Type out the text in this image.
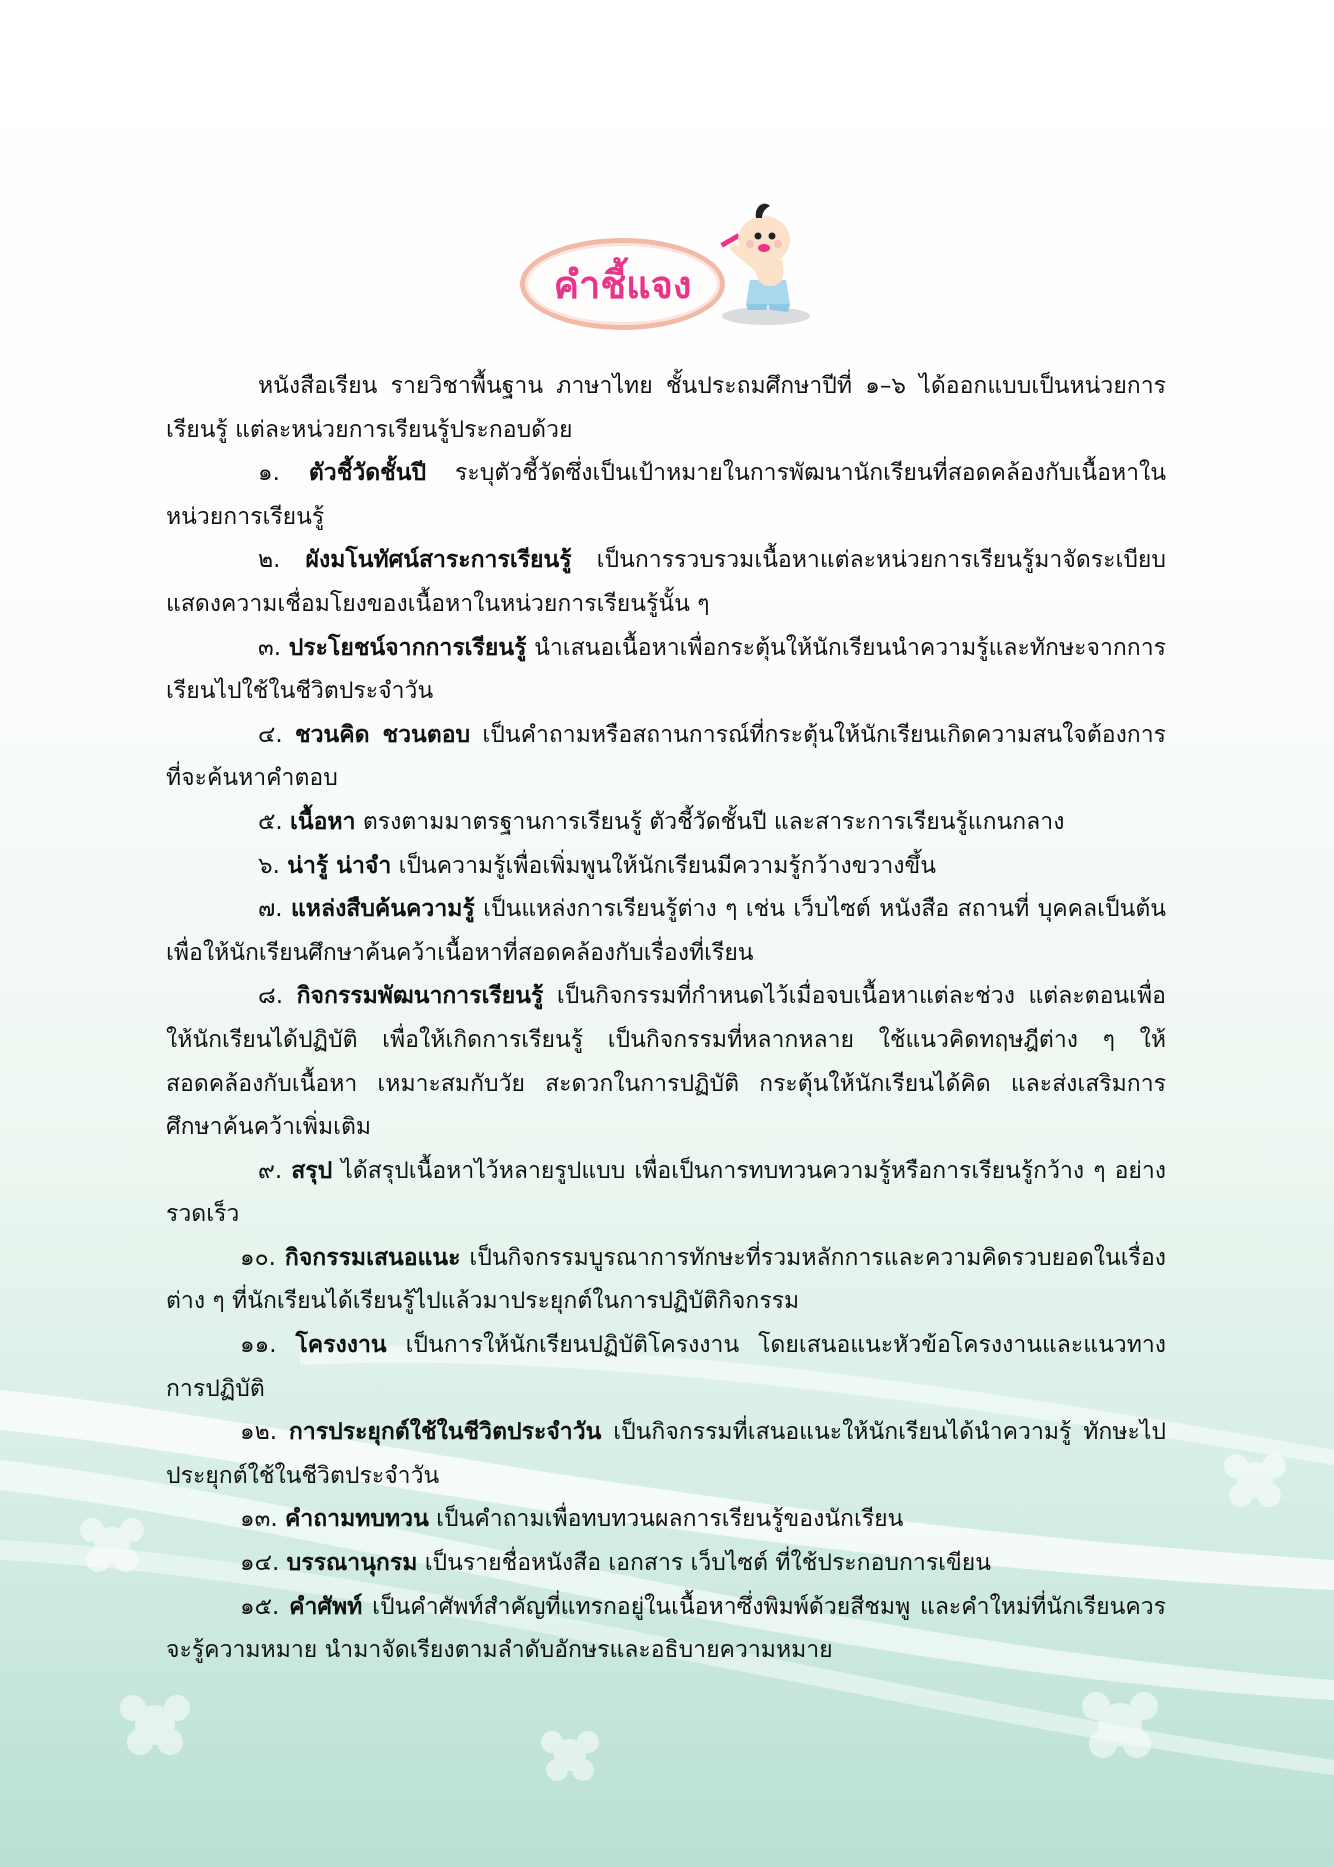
คำชี้แจง

หนังสือเรียน รายวิชาพื้นฐาน ภาษาไทย ชั้นประถมศึกษาปีที่ ๑–๖ ได้ออกแบบเป็นหน่วยการเรียนรู้ แต่ละหน่วยการเรียนรู้ประกอบด้วย

๑. ตัวชี้วัดชั้นปี ระบุตัวชี้วัดซึ่งเป็นเป้าหมายในการพัฒนานักเรียนที่สอดคล้องกับเนื้อหาในหน่วยการเรียนรู้

๒. ผังมโนทัศน์สาระการเรียนรู้ เป็นการรวบรวมเนื้อหาแต่ละหน่วยการเรียนรู้มาจัดระเบียบแสดงความเชื่อมโยงของเนื้อหาในหน่วยการเรียนรู้นั้น ๆ

๓. ประโยชน์จากการเรียนรู้ นำเสนอเนื้อหาเพื่อกระตุ้นให้นักเรียนนำความรู้และทักษะจากการเรียนไปใช้ในชีวิตประจำวัน

๔. ชวนคิด ชวนตอบ เป็นคำถามหรือสถานการณ์ที่กระตุ้นให้นักเรียนเกิดความสนใจต้องการที่จะค้นหาคำตอบ

๕. เนื้อหา ตรงตามมาตรฐานการเรียนรู้ ตัวชี้วัดชั้นปี และสาระการเรียนรู้แกนกลาง

๖. น่ารู้ น่าจำ เป็นความรู้เพื่อเพิ่มพูนให้นักเรียนมีความรู้กว้างขวางขึ้น

๗. แหล่งสืบค้นความรู้ เป็นแหล่งการเรียนรู้ต่าง ๆ เช่น เว็บไซต์ หนังสือ สถานที่ บุคคลเป็นต้น เพื่อให้นักเรียนศึกษาค้นคว้าเนื้อหาที่สอดคล้องกับเรื่องที่เรียน

๘. กิจกรรมพัฒนาการเรียนรู้ เป็นกิจกรรมที่กำหนดไว้เมื่อจบเนื้อหาแต่ละช่วง แต่ละตอนเพื่อให้นักเรียนได้ปฏิบัติ เพื่อให้เกิดการเรียนรู้ เป็นกิจกรรมที่หลากหลาย ใช้แนวคิดทฤษฎีต่าง ๆ ให้สอดคล้องกับเนื้อหา เหมาะสมกับวัย สะดวกในการปฏิบัติ กระตุ้นให้นักเรียนได้คิด และส่งเสริมการศึกษาค้นคว้าเพิ่มเติม

๙. สรุป ได้สรุปเนื้อหาไว้หลายรูปแบบ เพื่อเป็นการทบทวนความรู้หรือการเรียนรู้กว้าง ๆ อย่างรวดเร็ว

๑๐. กิจกรรมเสนอแนะ เป็นกิจกรรมบูรณาการทักษะที่รวมหลักการและความคิดรวบยอดในเรื่องต่าง ๆ ที่นักเรียนได้เรียนรู้ไปแล้วมาประยุกต์ในการปฏิบัติกิจกรรม

๑๑. โครงงาน เป็นการให้นักเรียนปฏิบัติโครงงาน โดยเสนอแนะหัวข้อโครงงานและแนวทางการปฏิบัติ

๑๒. การประยุกต์ใช้ในชีวิตประจำวัน เป็นกิจกรรมที่เสนอแนะให้นักเรียนได้นำความรู้ ทักษะไปประยุกต์ใช้ในชีวิตประจำวัน

๑๓. คำถามทบทวน เป็นคำถามเพื่อทบทวนผลการเรียนรู้ของนักเรียน

๑๔. บรรณานุกรม เป็นรายชื่อหนังสือ เอกสาร เว็บไซต์ ที่ใช้ประกอบการเขียน

๑๕. คำศัพท์ เป็นคำศัพท์สำคัญที่แทรกอยู่ในเนื้อหาซึ่งพิมพ์ด้วยสีชมพู และคำใหม่ที่นักเรียนควรจะรู้ความหมาย นำมาจัดเรียงตามลำดับอักษรและอธิบายความหมาย
